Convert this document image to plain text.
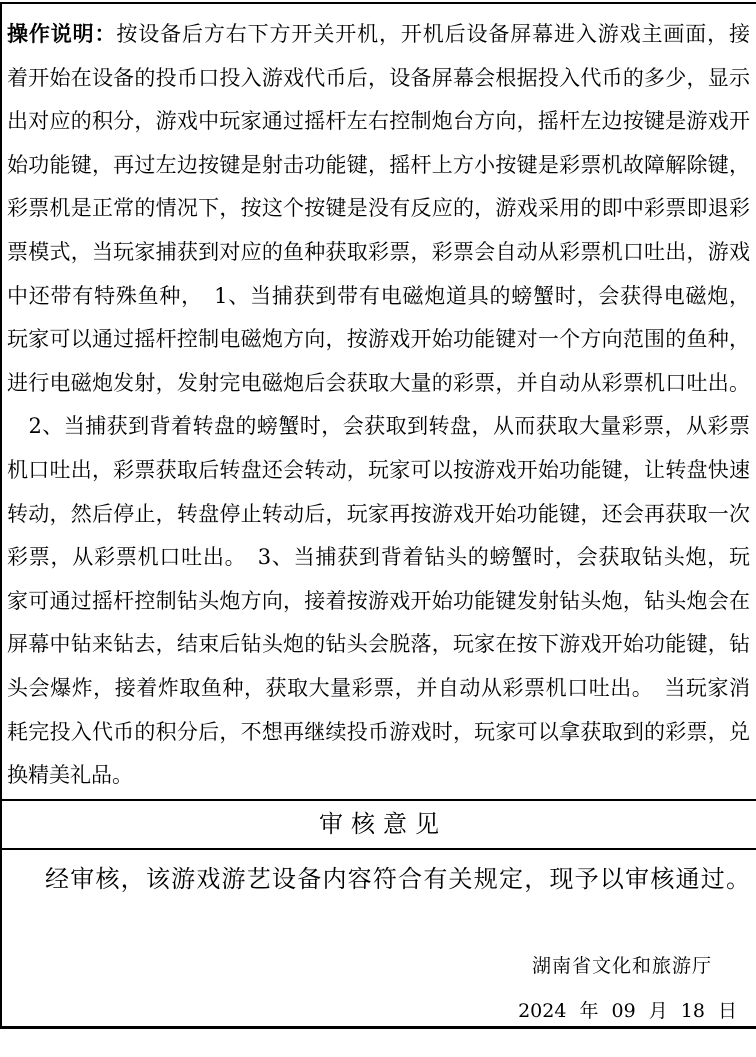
操作说明：按设备后方右下方开关开机，开机后设备屏幕进入游戏主画面，接
着开始在设备的投币口投入游戏代币后，设备屏幕会根据投入代币的多少，显示
出对应的积分，游戏中玩家通过摇杆左右控制炮台方向，摇杆左边按键是游戏开
始功能键，再过左边按键是射击功能键，摇杆上方小按键是彩票机故障解除键，
彩票机是正常的情况下，按这个按键是没有反应的，游戏采用的即中彩票即退彩
票模式，当玩家捕获到对应的鱼种获取彩票，彩票会自动从彩票机口吐出，游戏
中还带有特殊鱼种，　1、当捕获到带有电磁炮道具的螃蟹时，会获得电磁炮，
玩家可以通过摇杆控制电磁炮方向，按游戏开始功能键对一个方向范围的鱼种，
进行电磁炮发射，发射完电磁炮后会获取大量的彩票，并自动从彩票机口吐出。
　2、当捕获到背着转盘的螃蟹时，会获取到转盘，从而获取大量彩票，从彩票
机口吐出，彩票获取后转盘还会转动，玩家可以按游戏开始功能键，让转盘快速
转动，然后停止，转盘停止转动后，玩家再按游戏开始功能键，还会再获取一次
彩票，从彩票机口吐出。　3、当捕获到背着钻头的螃蟹时，会获取钻头炮，玩
家可通过摇杆控制钻头炮方向，接着按游戏开始功能键发射钻头炮，钻头炮会在
屏幕中钻来钻去，结束后钻头炮的钻头会脱落，玩家在按下游戏开始功能键，钻
头会爆炸，接着炸取鱼种，获取大量彩票，并自动从彩票机口吐出。　当玩家消
耗完投入代币的积分后，不想再继续投币游戏时，玩家可以拿获取到的彩票，兑
换精美礼品。
审核意见

经审核，该游戏游艺设备内容符合有关规定，现予以审核通过。

湖南省文化和旅游厅
2024 年 09 月 18 日
